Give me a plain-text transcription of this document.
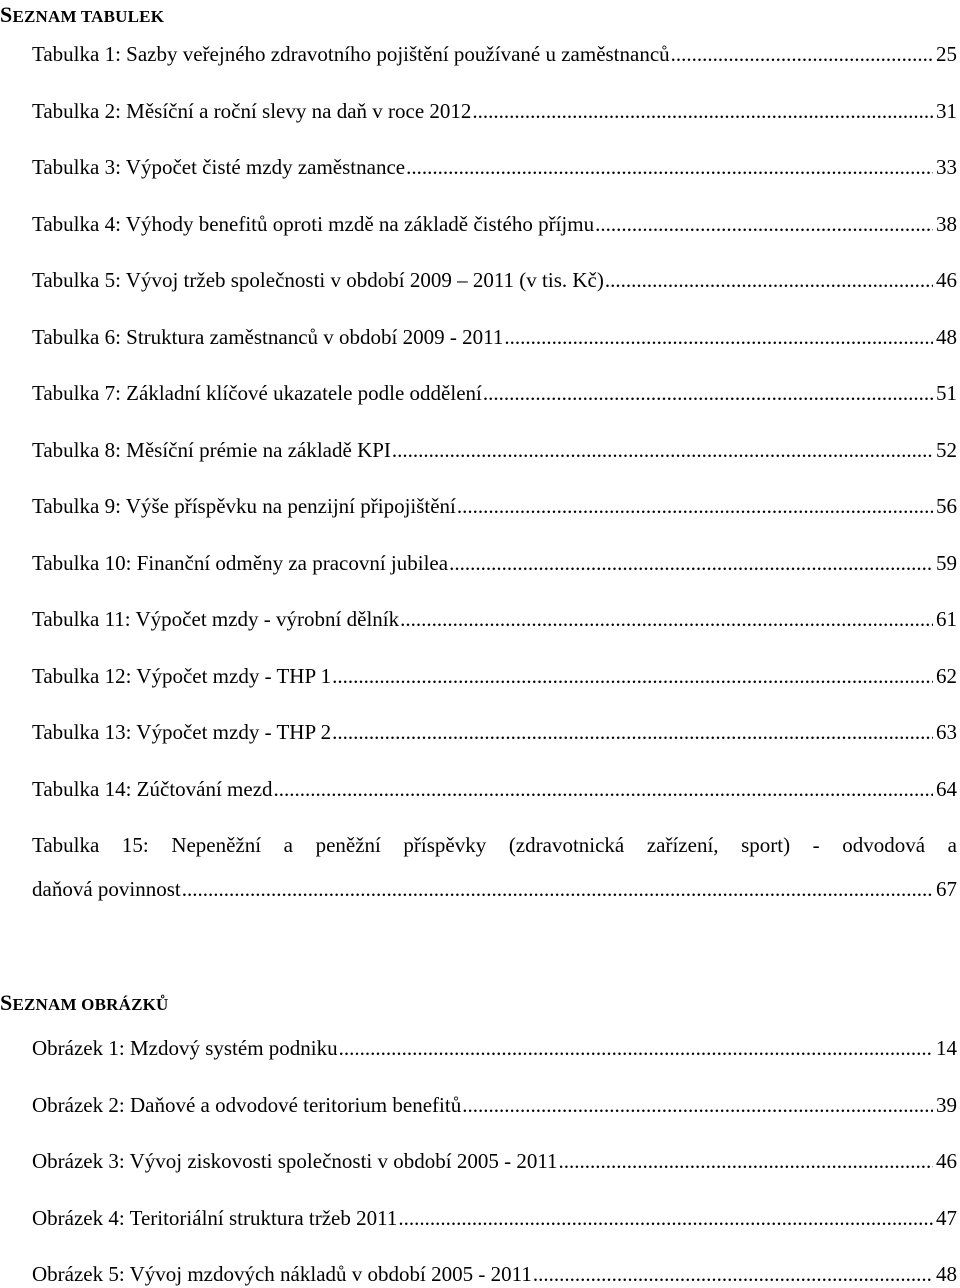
SEZNAM TABULEK
Tabulka 1: Sazby veřejného zdravotního pojištění používané u zaměstnanců .....	25
Tabulka 2: Měsíční a roční slevy na daň v roce 2012 .....	31
Tabulka 3: Výpočet čisté mzdy zaměstnance .....	33
Tabulka 4: Výhody benefitů oproti mzdě na základě čistého příjmu .....	38
Tabulka 5: Vývoj tržeb společnosti v období 2009 – 2011 (v tis. Kč) .....	46
Tabulka 6: Struktura zaměstnanců v období 2009 - 2011 .....	48
Tabulka 7: Základní klíčové ukazatele podle oddělení .....	51
Tabulka 8: Měsíční prémie na základě KPI .....	52
Tabulka 9: Výše příspěvku na penzijní připojištění .....	56
Tabulka 10: Finanční odměny za pracovní jubilea .....	59
Tabulka 11: Výpočet mzdy - výrobní dělník .....	61
Tabulka 12: Výpočet mzdy - THP 1 .....	62
Tabulka 13: Výpočet mzdy - THP 2 .....	63
Tabulka 14: Zúčtování mezd .....	64
Tabulka 15: Nepeněžní a peněžní příspěvky (zdravotnická zařízení, sport) - odvodová a
daňová povinnost .....	67
SEZNAM OBRÁZKŮ
Obrázek 1: Mzdový systém podniku .....	14
Obrázek 2: Daňové a odvodové teritorium benefitů .....	39
Obrázek 3: Vývoj ziskovosti společnosti v období 2005 - 2011 .....	46
Obrázek 4: Teritoriální struktura tržeb 2011 .....	47
Obrázek 5: Vývoj mzdových nákladů v období 2005 - 2011 .....	48
